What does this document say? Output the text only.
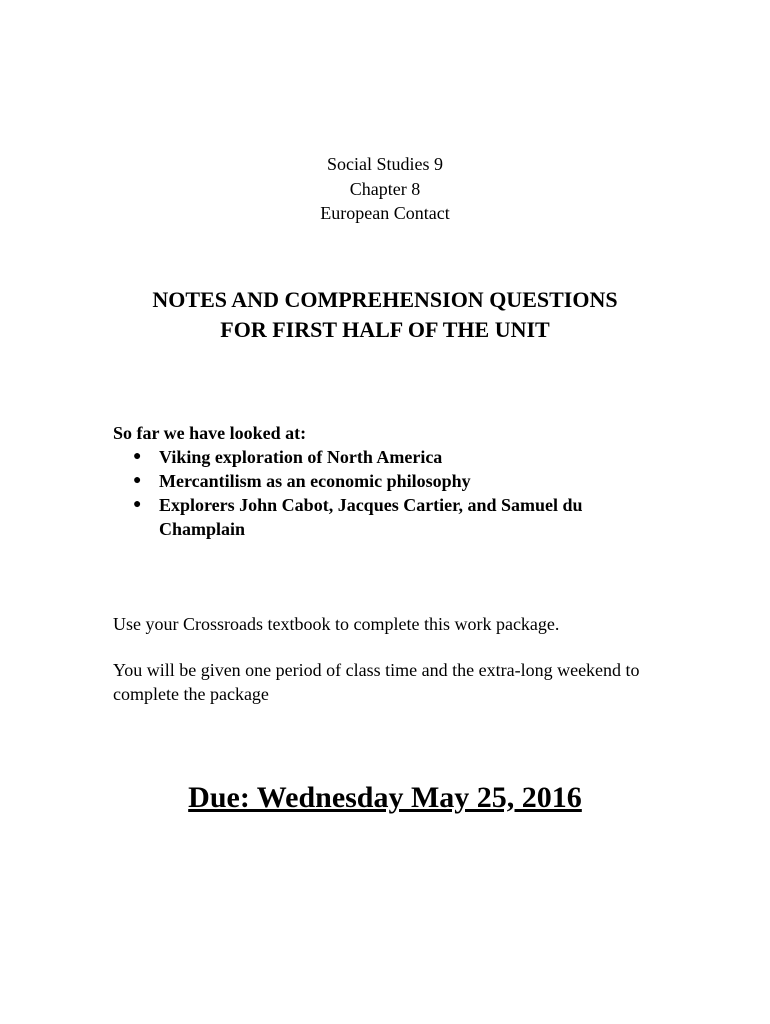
Social Studies 9
Chapter 8
European Contact
NOTES AND COMPREHENSION QUESTIONS
FOR FIRST HALF OF THE UNIT

So far we have looked at:

● Viking exploration of North America
● Mercantilism as an economic philosophy
● Explorers John Cabot, Jacques Cartier, and Samuel du Champlain

Use your Crossroads textbook to complete this work package.

You will be given one period of class time and the extra-long weekend to complete the package

Due: Wednesday May 25, 2016
